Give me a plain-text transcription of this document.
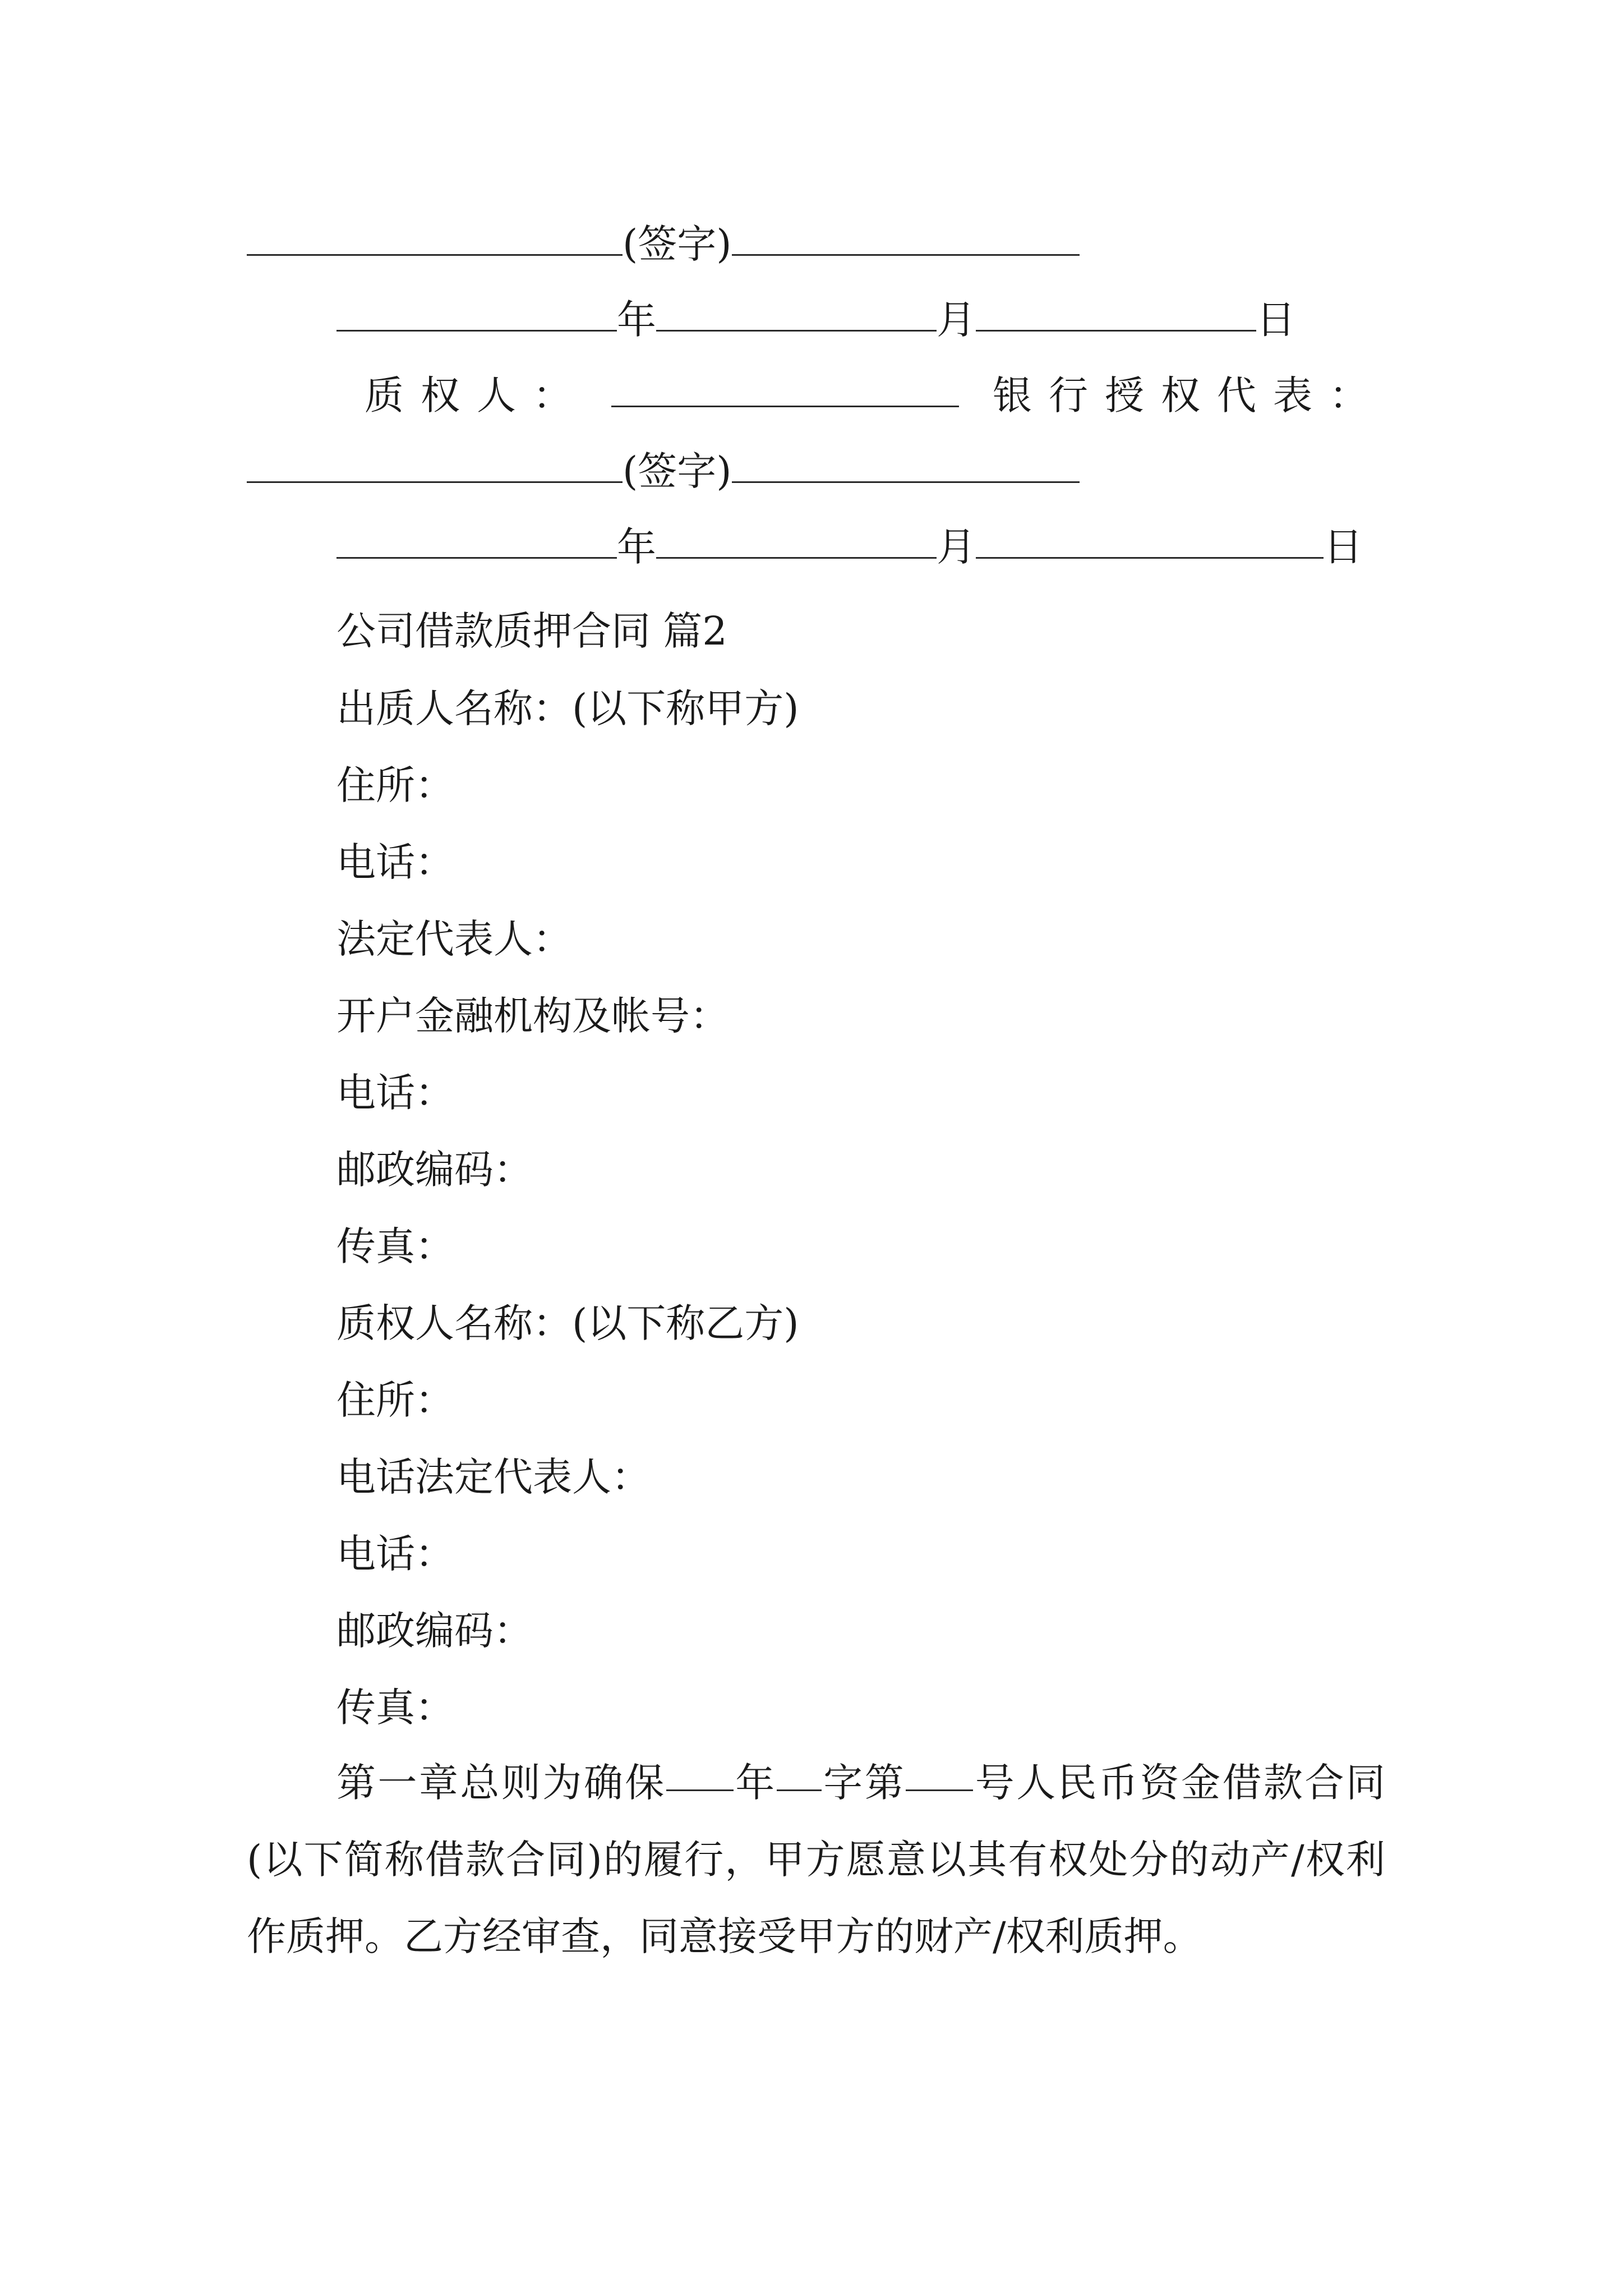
(签字)
年	月	日
质权人：	银行授权代表：
(签字)
年	月	日
公司借款质押合同 篇2
出质人名称：(以下称甲方)
住所：
电话：
法定代表人：
开户金融机构及帐号：
电话：
邮政编码：
传真：
质权人名称：(以下称乙方)
住所：
电话法定代表人：
电话：
邮政编码：
传真：
第一章总则为确保 年 字第 号人民币资金借款合同(以下简称借款合同)的履行，甲方愿意以其有权处分的动产/权利作质押。乙方经审查，同意接受甲方的财产/权利质押。
